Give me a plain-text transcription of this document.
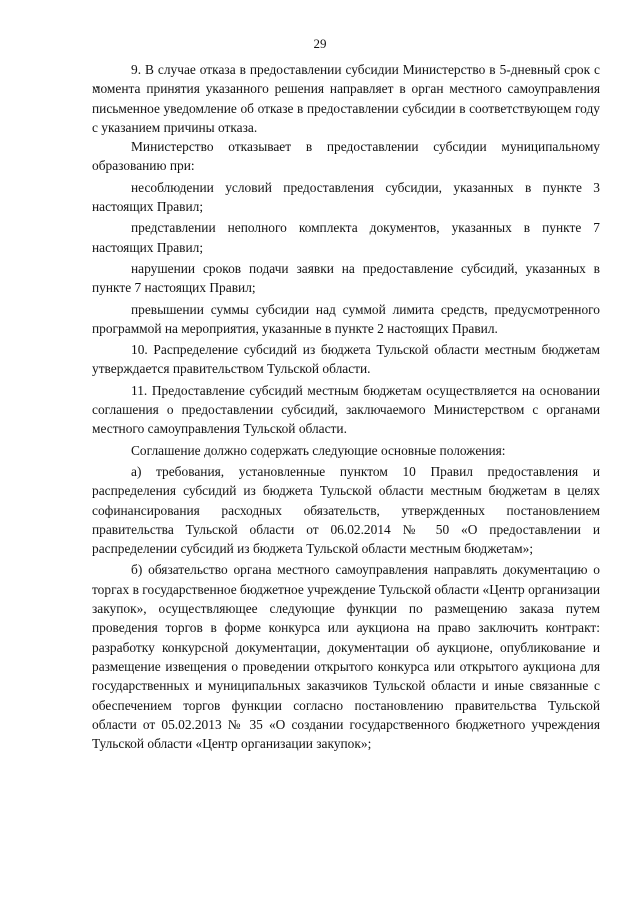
29

9. В случае отказа в предоставлении субсидии Министерство в 5-дневный срок с момента принятия указанного решения направляет в орган местного самоуправления письменное уведомление об отказе в предоставлении субсидии в соответствующем году с указанием причины отказа.

Министерство отказывает в предоставлении субсидии муниципальному образованию при:

несоблюдении условий предоставления субсидии, указанных в пункте 3 настоящих Правил;

представлении неполного комплекта документов, указанных в пункте 7 настоящих Правил;

нарушении сроков подачи заявки на предоставление субсидий, указанных в пункте 7 настоящих Правил;

превышении суммы субсидии над суммой лимита средств, предусмотренного программой на мероприятия, указанные в пункте 2 настоящих Правил.

10. Распределение субсидий из бюджета Тульской области местным бюджетам утверждается правительством Тульской области.

11. Предоставление субсидий местным бюджетам осуществляется на основании соглашения о предоставлении субсидий, заключаемого Министерством с органами местного самоуправления Тульской области.

Соглашение должно содержать следующие основные положения:

а) требования, установленные пунктом 10 Правил предоставления и распределения субсидий из бюджета Тульской области местным бюджетам в целях софинансирования расходных обязательств, утвержденных постановлением правительства Тульской области от 06.02.2014 № 50 «О предоставлении и распределении субсидий из бюджета Тульской области местным бюджетам»;

б) обязательство органа местного самоуправления направлять документацию о торгах в государственное бюджетное учреждение Тульской области «Центр организации закупок», осуществляющее следующие функции по размещению заказа путем проведения торгов в форме конкурса или аукциона на право заключить контракт: разработку конкурсной документации, документации об аукционе, опубликование и размещение извещения о проведении открытого конкурса или открытого аукциона для государственных и муниципальных заказчиков Тульской области и иные связанные с обеспечением торгов функции согласно постановлению правительства Тульской области от 05.02.2013 № 35 «О создании государственного бюджетного учреждения Тульской области «Центр организации закупок»;
